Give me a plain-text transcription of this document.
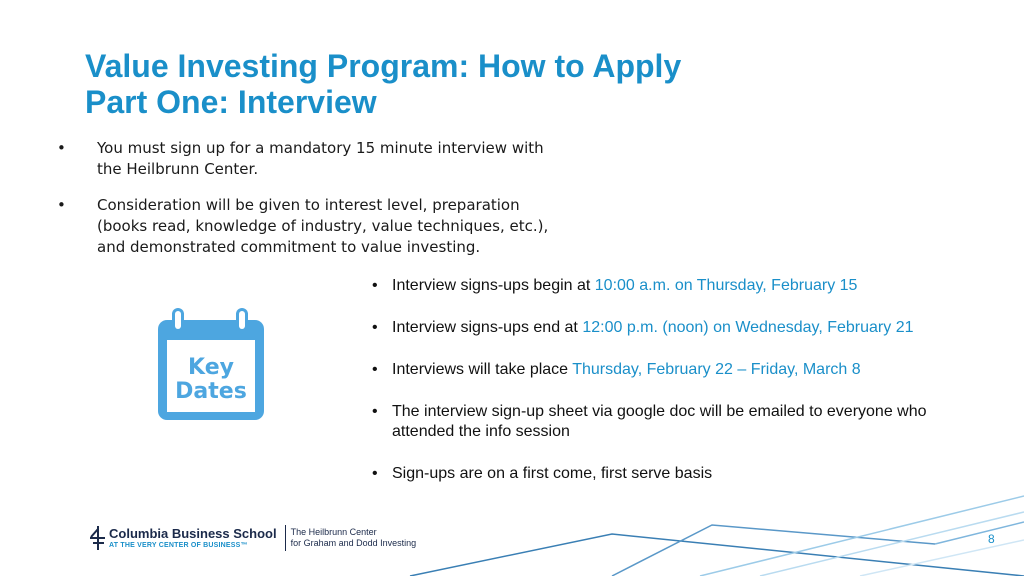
Value Investing Program: How to Apply
Part One: Interview
• You must sign up for a mandatory 15 minute interview with the Heilbrunn Center.
• Consideration will be given to interest level, preparation (books read, knowledge of industry, value techniques, etc.), and demonstrated commitment to value investing.
Key
Dates
• Interview signs-ups begin at 10:00 a.m. on Thursday, February 15
• Interview signs-ups end at 12:00 p.m. (noon) on Wednesday, February 21
• Interviews will take place Thursday, February 22 – Friday, March 8
• The interview sign-up sheet via google doc will be emailed to everyone who attended the info session
• Sign-ups are on a first come, first serve basis
Columbia Business School
AT THE VERY CENTER OF BUSINESS™
The Heilbrunn Center
for Graham and Dodd Investing	8
